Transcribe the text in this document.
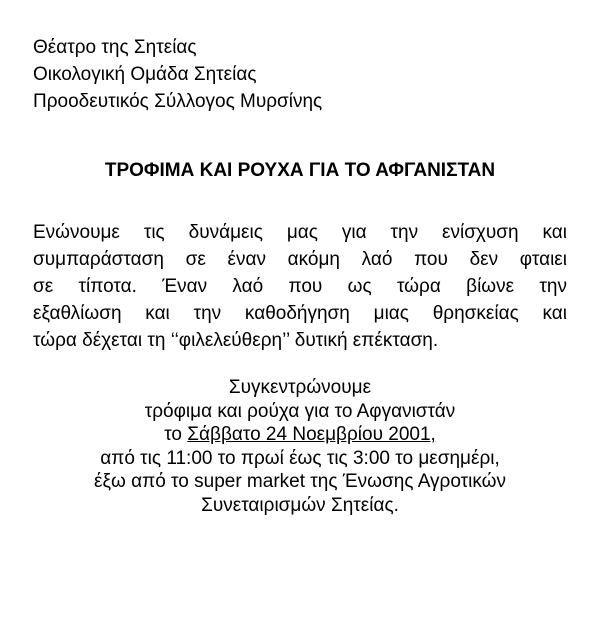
Θέατρο της Σητείας
Οικολογική Ομάδα Σητείας
Προοδευτικός Σύλλογος Μυρσίνης
ΤΡΟΦΙΜΑ ΚΑΙ ΡΟΥΧΑ ΓΙΑ ΤΟ ΑΦΓΑΝΙΣΤΑΝ
Ενώνουμε τις δυνάμεις μας για την ενίσχυση και
συμπαράσταση σε έναν ακόμη λαό που δεν φταιει
σε τίποτα. Έναν λαό που ως τώρα βίωνε την
εξαθλίωση και την καθοδήγηση μιας θρησκείας και
τώρα δέχεται τη ‘‘φιλελεύθερη’’ δυτική επέκταση.
Συγκεντρώνουμε
τρόφιμα και ρούχα για το Αφγανιστάν
το Σάββατο 24 Νοεμβρίου 2001,
από τις 11:00 το πρωί έως τις 3:00 το μεσημέρι,
έξω από το super market της Ένωσης Αγροτικών
Συνεταιρισμών Σητείας.
